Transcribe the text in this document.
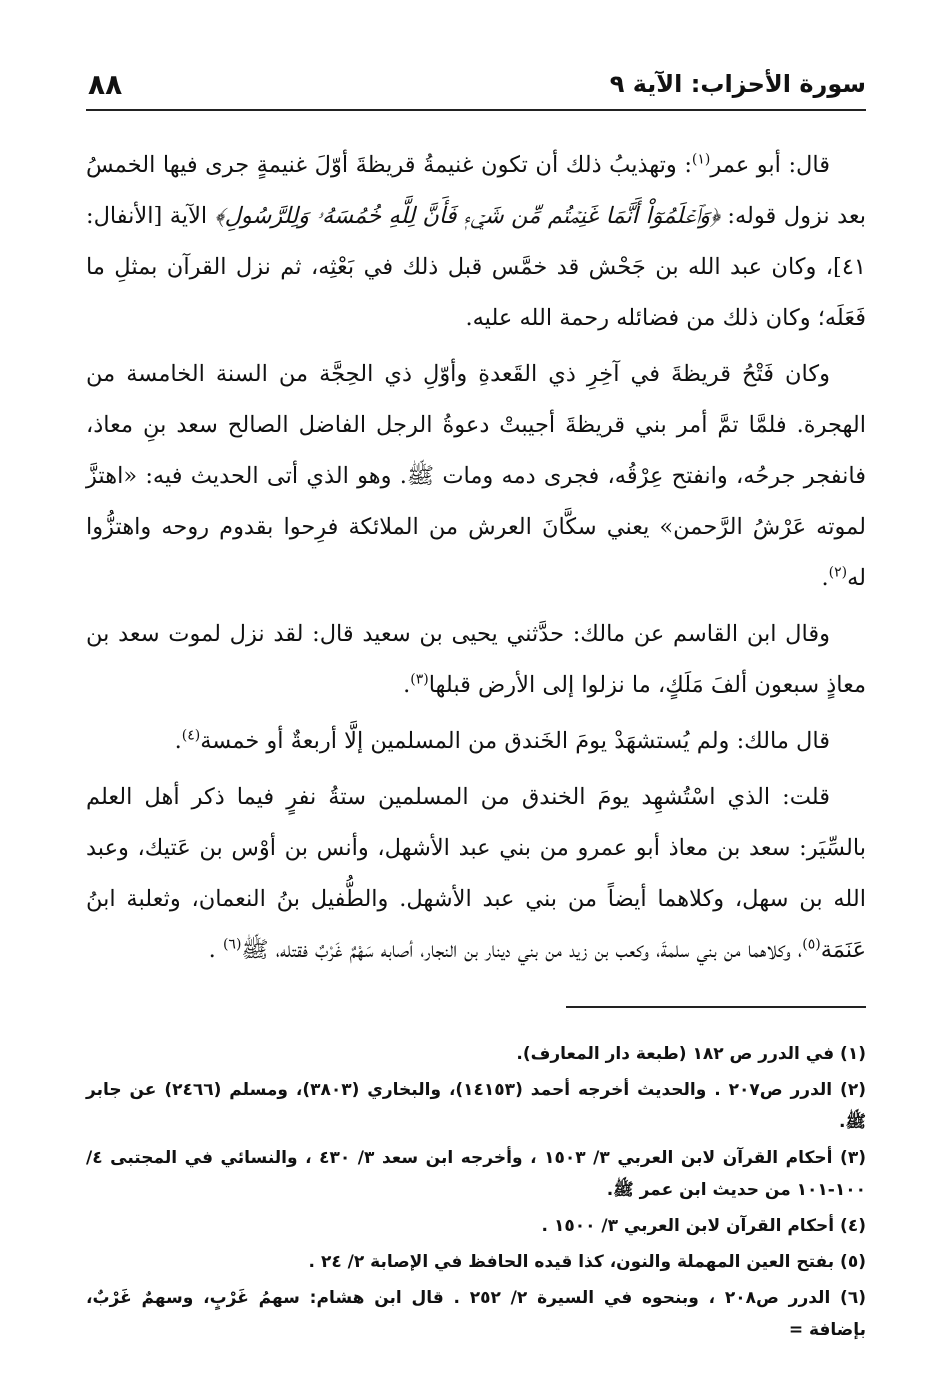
سورة الأحزاب: الآية ٩
٨٨

قال: أبو عمر$^{(١)}$: وتهذيبُ ذلك أن تكون غنيمةُ قريظةَ أوّلَ غنيمةٍ جرى فيها الخمسُ بعد نزول قوله: ﴿وَٱعۡلَمُوٓاْ أَنَّمَا غَنِمۡتُم مِّن شَيۡءٖ فَأَنَّ لِلَّهِ خُمُسَهُۥ وَلِلرَّسُولِ﴾ الآية [الأنفال: ٤١]، وكان عبد الله بن جَحْش قد خمَّس قبل ذلك في بَعْثِه، ثم نزل القرآن بمثلِ ما فَعَلَه؛ وكان ذلك من فضائله رحمة الله عليه.

وكان فَتْحُ قريظةَ في آخِرِ ذي القَعدةِ وأوّلِ ذي الحِجَّة من السنة الخامسة من الهجرة. فلمَّا تمَّ أمر بني قريظةَ أجيبتْ دعوةُ الرجل الفاضل الصالح سعد بنِ معاذ، فانفجر جرحُه، وانفتح عِرْقُه، فجرى دمه ومات ﷺ. وهو الذي أتى الحديث فيه: «اهتزَّ لموته عَرْشُ الرَّحمن» يعني سكَّانَ العرش من الملائكة فرِحوا بقدوم روحه واهتزُّوا له$^{(٢)}$.

وقال ابن القاسم عن مالك: حدَّثني يحيى بن سعيد قال: لقد نزل لموت سعد بن معاذٍ سبعون ألفَ مَلَكٍ، ما نزلوا إلى الأرض قبلها$^{(٣)}$.

قال مالك: ولم يُستشهَدْ يومَ الخَندق من المسلمين إلَّا أربعةٌ أو خمسة$^{(٤)}$.

قلت: الذي اسْتُشهِد يومَ الخندق من المسلمين ستةُ نفرٍ فيما ذكر أهل العلم بالسِّيَر: سعد بن معاذ أبو عمرو من بني عبد الأشهل، وأنس بن أوْس بن عَتيك، وعبد الله بن سهل، وكلاهما أيضاً من بني عبد الأشهل. والطُّفيل بنُ النعمان، وثعلبة ابنُ عَنَمَة$^{(٥)}$، وكلاهما من بني سلمةَ، وكعب بن زيد من بني دينار بن النجار، أصابه سَهْمٌ غَرْبٌ فقتله، ﷺ$^{(٦)}$ .

(١) في الدرر ص ١٨٢ (طبعة دار المعارف).
(٢) الدرر ص٢٠٧ . والحديث أخرجه أحمد (١٤١٥٣)، والبخاري (٣٨٠٣)، ومسلم (٢٤٦٦) عن جابر ﷺ.
(٣) أحكام القرآن لابن العربي ٣/ ١٥٠٣ ، وأخرجه ابن سعد ٣/ ٤٣٠ ، والنسائي في المجتبى ٤/ ١٠٠-١٠١ من حديث ابن عمر ﷺ.
(٤) أحكام القرآن لابن العربي ٣/ ١٥٠٠ .
(٥) بفتح العين المهملة والنون، كذا قيده الحافظ في الإصابة ٢/ ٢٤ .
(٦) الدرر ص٢٠٨ ، وبنحوه في السيرة ٢/ ٢٥٢ . قال ابن هشام: سهمُ غَرْبٍ، وسهمٌ غَرْبٌ، بإضافة =
